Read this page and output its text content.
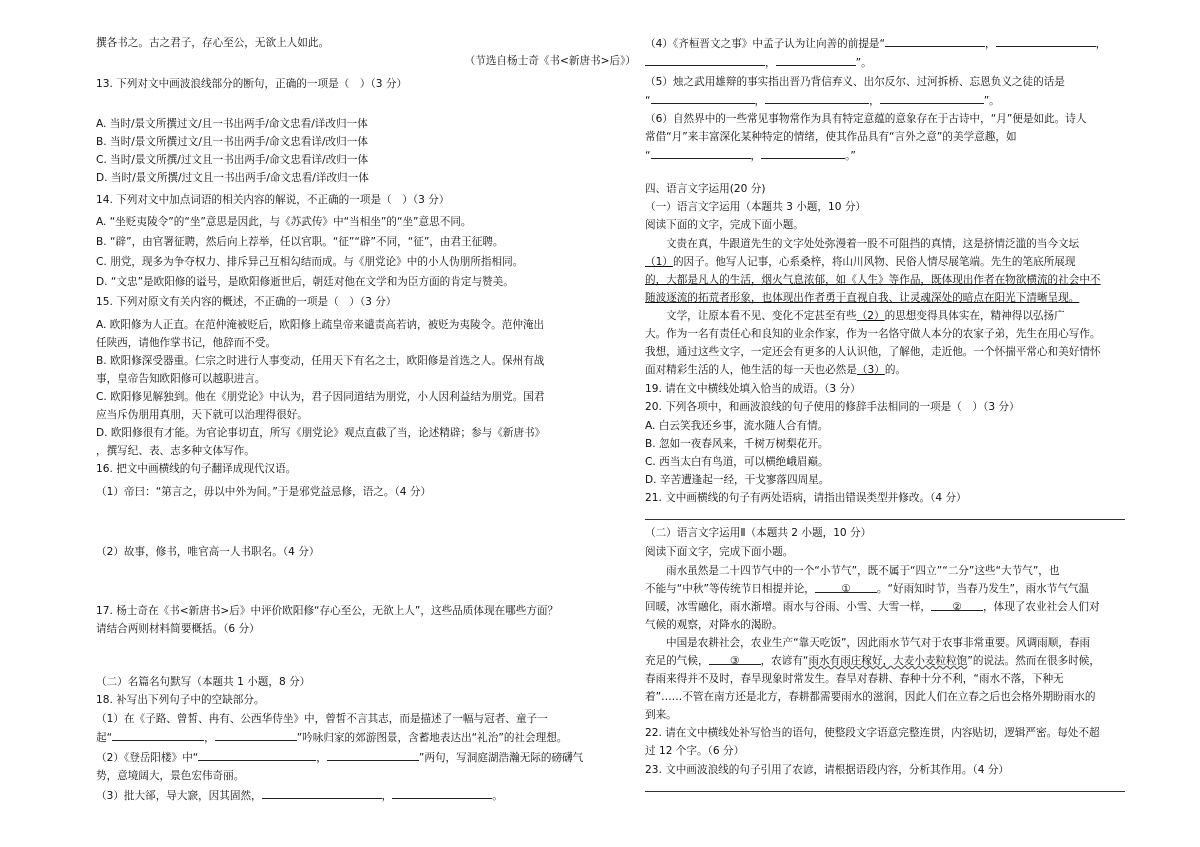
撰各书之。古之君子，存心至公，无欲上人如此。
（节选自杨士奇《书<新唐书>后》）
13. 下列对文中画波浪线部分的断句，正确的一项是（　）（3 分）
A. 当时/景文所撰过文/且一书出两手/命文忠看/详改归一体
B. 当时/景文所撰过文/且一书出两手/命文忠看详/改归一体
C. 当时/景文所撰/过文且一书出两手/命文忠看详/改归一体
D. 当时/景文所撰/过文且一书出两手/命文忠看/详改归一体
14. 下列对文中加点词语的相关内容的解说，不正确的一项是（　）（3 分）
A. “坐贬夷陵令”的“坐”意思是因此，与《苏武传》中“当相坐”的“坐”意思不同。
B. “辟”，由官署征聘，然后向上荐举，任以官职。“征”“辟”不同，“征”，由君王征聘。
C. 朋党，现多为争夺权力、排斥异己互相勾结而成。与《朋党论》中的小人伪朋所指相同。
D. “文忠”是欧阳修的谥号，是欧阳修逝世后，朝廷对他在文学和为臣方面的肯定与赞美。
15. 下列对原文有关内容的概述，不正确的一项是（　）（3 分）
A. 欧阳修为人正直。在范仲淹被贬后，欧阳修上疏皇帝来谴责高若讷，被贬为夷陵令。范仲淹出
任陕西，请他作掌书记，他辞而不受。
B. 欧阳修深受器重。仁宗之时进行人事变动，任用天下有名之士，欧阳修是首选之人。保州有战
事，皇帝告知欧阳修可以越职进言。
C. 欧阳修见解独到。他在《朋党论》中认为，君子因同道结为朋党，小人因利益结为朋党。国君
应当斥伪朋用真朋，天下就可以治理得很好。
D. 欧阳修很有才能。为官论事切直，所写《朋党论》观点直截了当，论述精辟；参与《新唐书》
，撰写纪、表、志多种文体写作。
16. 把文中画横线的句子翻译成现代汉语。
（1）帝曰：“第言之，毋以中外为间。”于是邪党益忌修，语之。（4 分）
（2）故事，修书，唯官高一人书职名。（4 分）
17. 杨士奇在《书<新唐书>后》中评价欧阳修“存心至公，无欲上人”，这些品质体现在哪些方面？
请结合两则材料简要概括。（6 分）
（二）名篇名句默写（本题共 1 小题，8 分）
18. 补写出下列句子中的空缺部分。
（1）在《子路、曾皙、冉有、公西华侍坐》中，曾皙不言其志，而是描述了一幅与冠者、童子一
起“	，	”吟咏归家的郊游图景，含蓄地表达出“礼治”的社会理想。
（2）《登岳阳楼》中“	，	”两句，写洞庭湖浩瀚无际的磅礴气
势，意境阔大，景色宏伟奇丽。
（3）批大郤，导大窾，因其固然，	，	。
（4）《齐桓晋文之事》中孟子认为让向善的前提是“	，	，
，	”。
（5）烛之武用雄辩的事实指出晋乃背信弃义、出尔反尔、过河拆桥、忘恩负义之徒的话是
“	，	，	”。
（6）自然界中的一些常见事物常作为具有特定意蕴的意象存在于古诗中，“月”便是如此。诗人
常借“月”来丰富深化某种特定的情绪，使其作品具有“言外之意”的美学意趣，如
“	，	。”
四、语言文字运用(20 分)
（一）语言文字运用（本题共 3 小题，10 分）
阅读下面的文字，完成下面小题。
文贵在真，牛跟道先生的文字处处弥漫着一股不可阻挡的真情，这是挤情泛滥的当今文坛
（1）的因子。他写人记事，心系桑梓，将山川风物、民俗人情尽展笔端。先生的笔底所展现
的，大都是凡人的生活，烟火气息浓郁，如《人生》等作品，既体现出作者在物欲横流的社会中不
随波逐流的拓荒者形象，也体现出作者勇于直视自我、让灵魂深处的暗点在阳光下清晰呈现。
文学，让原本看不见、变化不定甚至有些（2）的思想变得具体实在，精神得以弘扬广
大。作为一名有责任心和良知的业余作家，作为一名恪守做人本分的农家子弟，先生在用心写作。
我想，通过这些文字，一定还会有更多的人认识他，了解他，走近他。一个怀揣平常心和美好情怀
面对精彩生活的人，他生活的每一天也必然是（3）的。
19. 请在文中横线处填入恰当的成语。（3 分）
20. 下列各项中，和画波浪线的句子使用的修辞手法相同的一项是（　）（3 分）
A. 白云笑我还乡事，流水随人合有情。
B. 忽如一夜春风来，千树万树梨花开。
C. 西当太白有鸟道，可以横绝峨眉巅。
D. 辛苦遭逢起一经，干戈寥落四周星。
21. 文中画横线的句子有两处语病，请指出错误类型并修改。（4 分）
（二）语言文字运用Ⅱ（本题共 2 小题，10 分）
阅读下面文字，完成下面小题。
雨水虽然是二十四节气中的一个“小节气”，既不属于“四立”“二分”这些“大节气”，也
不能与“中秋”等传统节日相提并论， ① 。“好雨知时节，当春乃发生”，雨水节气气温
回暖，冰雪融化，雨水渐增。雨水与谷雨、小雪、大雪一样， ② ，体现了农业社会人们对
气候的观察，对降水的渴盼。
中国是农耕社会，农业生产“靠天吃饭”，因此雨水节气对于农事非常重要。风调雨顺，春雨
充足的气候， ③ ，农谚有“雨水有雨庄稼好，大麦小麦粒粒饱”的说法。然而在很多时候，
春雨来得并不及时，春旱现象时常发生。春旱对春耕、春种十分不利，“雨水不落，下种无
着”……不管在南方还是北方，春耕都需要雨水的滋润，因此人们在立春之后也会格外期盼雨水的
到来。
22. 请在文中横线处补写恰当的语句，使整段文字语意完整连贯，内容贴切，逻辑严密。每处不超
过 12 个字。（6 分）
23. 文中画波浪线的句子引用了农谚，请根据语段内容，分析其作用。（4 分）
